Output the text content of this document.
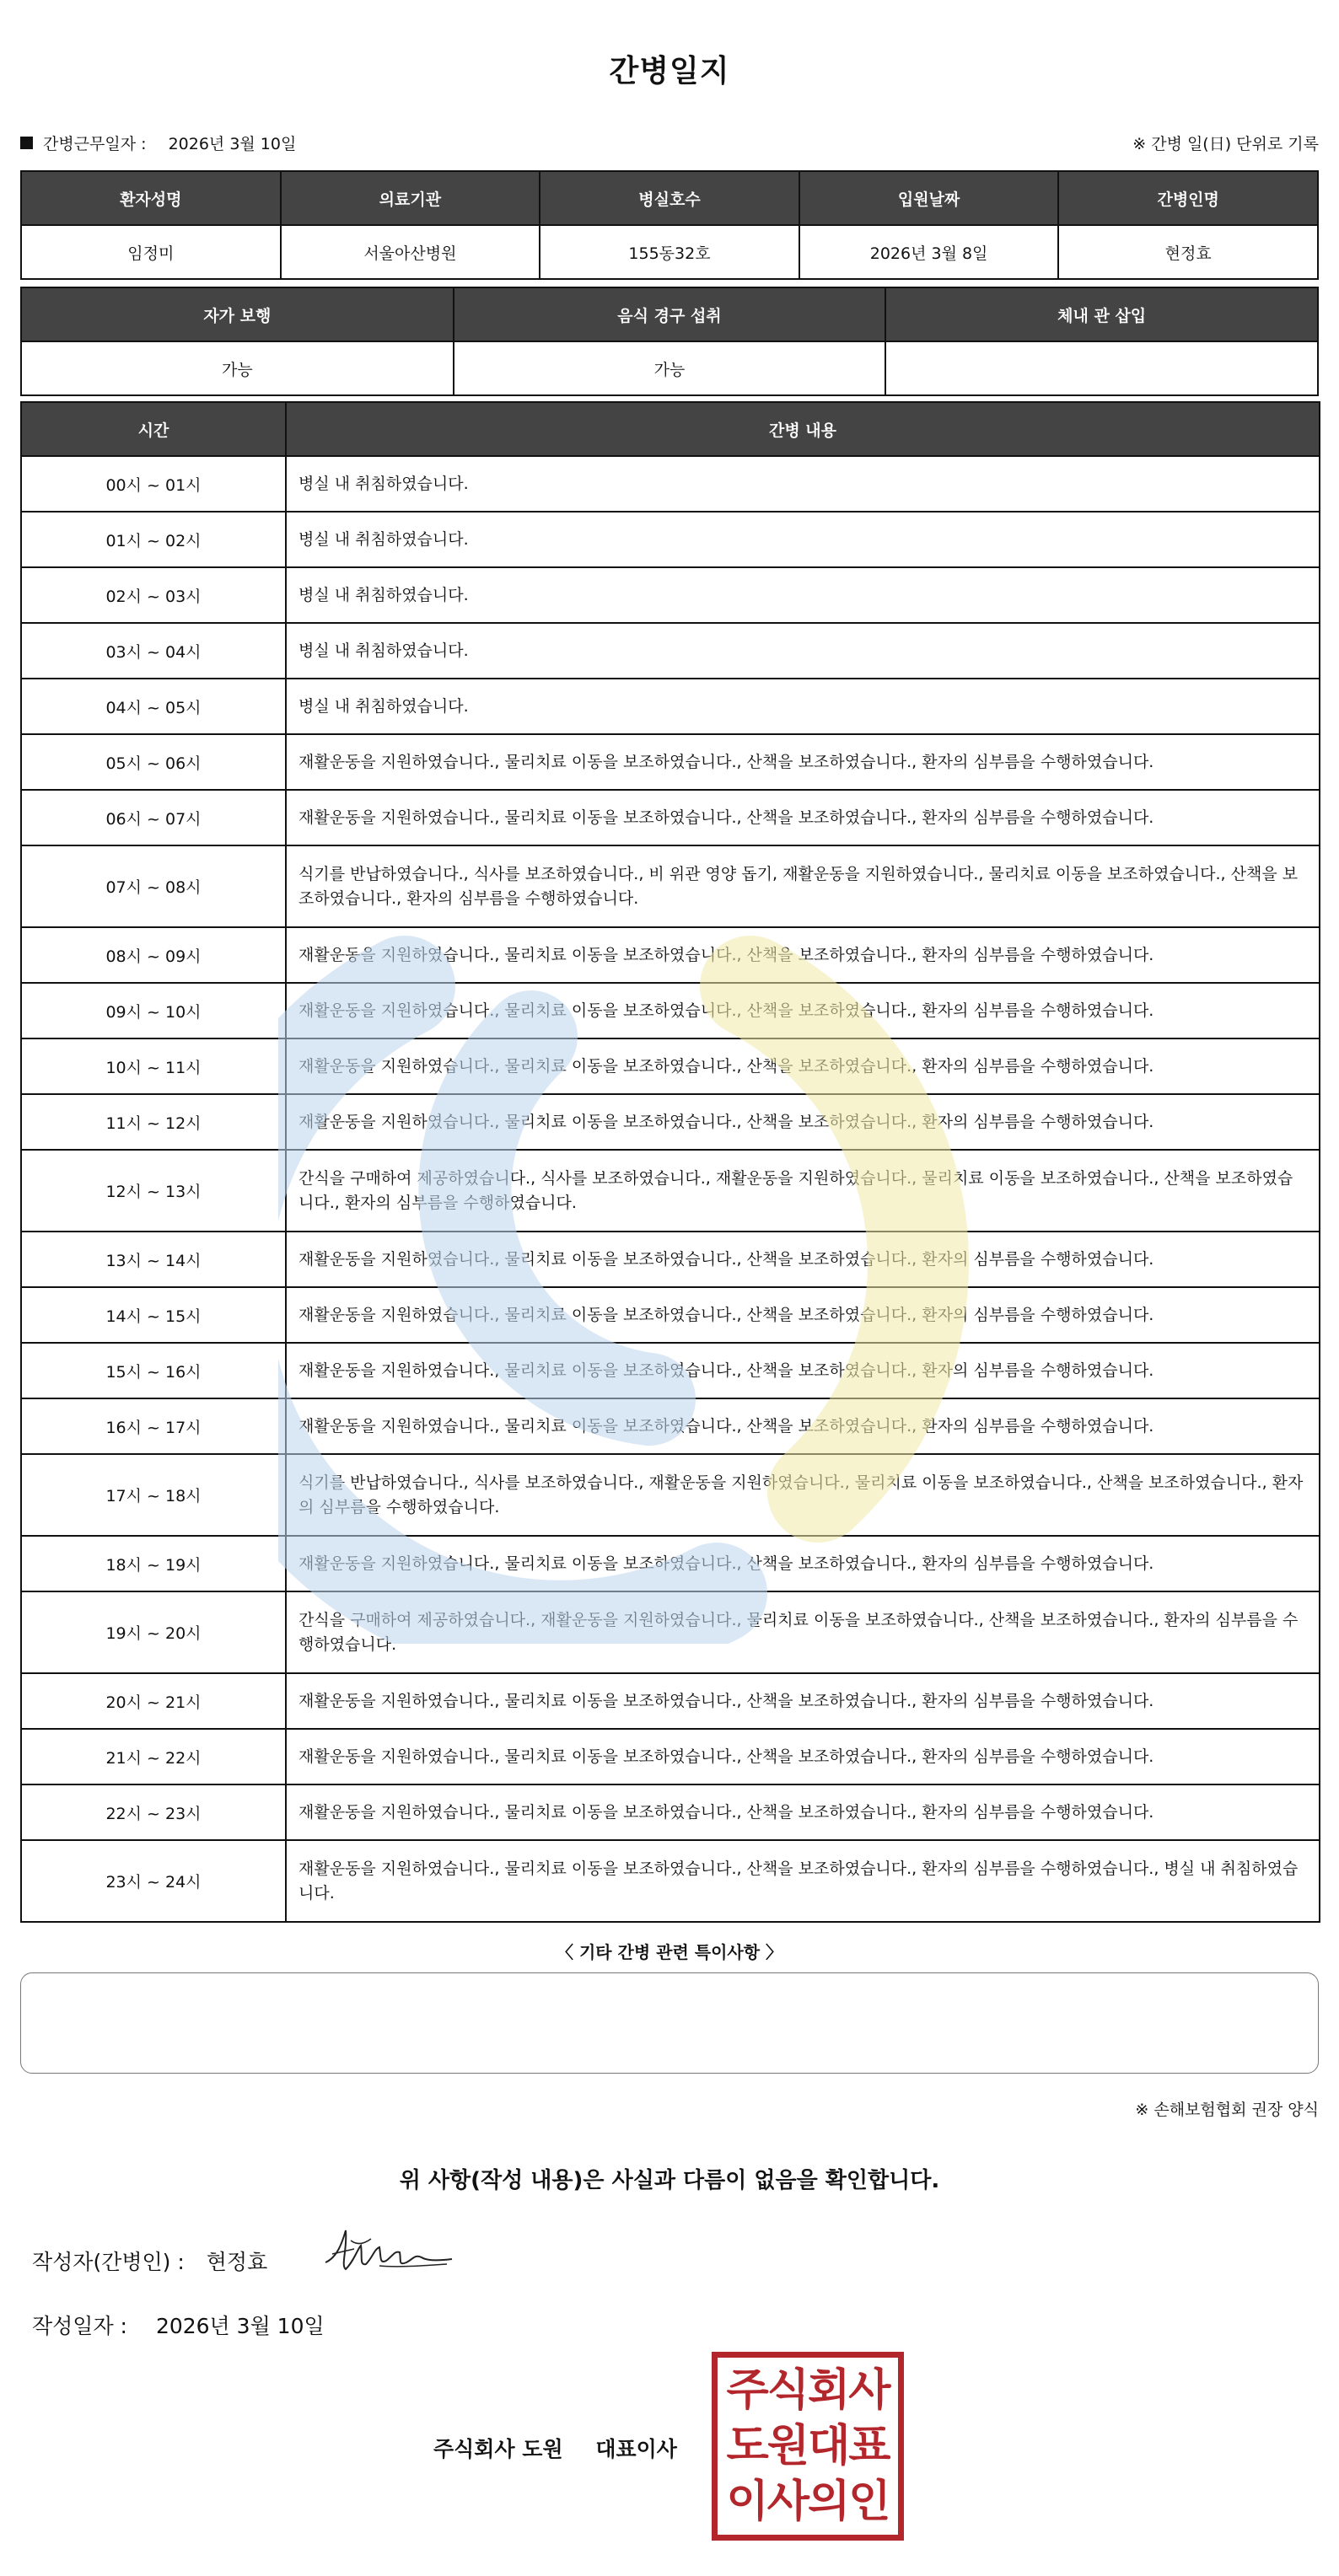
간병일지
간병근무일자 : 2026년 3월 10일	※ 간병 일(日) 단위로 기록
환자성명	의료기관	병실호수	입원날짜	간병인명
임정미	서울아산병원	155동32호	2026년 3월 8일	현정효
자가 보행	음식 경구 섭취	체내 관 삽입
가능	가능	
시간	간병 내용
00시 ~ 01시	병실 내 취침하였습니다.
01시 ~ 02시	병실 내 취침하였습니다.
02시 ~ 03시	병실 내 취침하였습니다.
03시 ~ 04시	병실 내 취침하였습니다.
04시 ~ 05시	병실 내 취침하였습니다.
05시 ~ 06시	재활운동을 지원하였습니다., 물리치료 이동을 보조하였습니다., 산책을 보조하였습니다., 환자의 심부름을 수행하였습니다.
06시 ~ 07시	재활운동을 지원하였습니다., 물리치료 이동을 보조하였습니다., 산책을 보조하였습니다., 환자의 심부름을 수행하였습니다.
07시 ~ 08시	식기를 반납하였습니다., 식사를 보조하였습니다., 비 위관 영양 돕기, 재활운동을 지원하였습니다., 물리치료 이동을 보조하였습니다., 산책을 보조하였습니다., 환자의 심부름을 수행하였습니다.
08시 ~ 09시	재활운동을 지원하였습니다., 물리치료 이동을 보조하였습니다., 산책을 보조하였습니다., 환자의 심부름을 수행하였습니다.
09시 ~ 10시	재활운동을 지원하였습니다., 물리치료 이동을 보조하였습니다., 산책을 보조하였습니다., 환자의 심부름을 수행하였습니다.
10시 ~ 11시	재활운동을 지원하였습니다., 물리치료 이동을 보조하였습니다., 산책을 보조하였습니다., 환자의 심부름을 수행하였습니다.
11시 ~ 12시	재활운동을 지원하였습니다., 물리치료 이동을 보조하였습니다., 산책을 보조하였습니다., 환자의 심부름을 수행하였습니다.
12시 ~ 13시	간식을 구매하여 제공하였습니다., 식사를 보조하였습니다., 재활운동을 지원하였습니다., 물리치료 이동을 보조하였습니다., 산책을 보조하였습니다., 환자의 심부름을 수행하였습니다.
13시 ~ 14시	재활운동을 지원하였습니다., 물리치료 이동을 보조하였습니다., 산책을 보조하였습니다., 환자의 심부름을 수행하였습니다.
14시 ~ 15시	재활운동을 지원하였습니다., 물리치료 이동을 보조하였습니다., 산책을 보조하였습니다., 환자의 심부름을 수행하였습니다.
15시 ~ 16시	재활운동을 지원하였습니다., 물리치료 이동을 보조하였습니다., 산책을 보조하였습니다., 환자의 심부름을 수행하였습니다.
16시 ~ 17시	재활운동을 지원하였습니다., 물리치료 이동을 보조하였습니다., 산책을 보조하였습니다., 환자의 심부름을 수행하였습니다.
17시 ~ 18시	식기를 반납하였습니다., 식사를 보조하였습니다., 재활운동을 지원하였습니다., 물리치료 이동을 보조하였습니다., 산책을 보조하였습니다., 환자의 심부름을 수행하였습니다.
18시 ~ 19시	재활운동을 지원하였습니다., 물리치료 이동을 보조하였습니다., 산책을 보조하였습니다., 환자의 심부름을 수행하였습니다.
19시 ~ 20시	간식을 구매하여 제공하였습니다., 재활운동을 지원하였습니다., 물리치료 이동을 보조하였습니다., 산책을 보조하였습니다., 환자의 심부름을 수행하였습니다.
20시 ~ 21시	재활운동을 지원하였습니다., 물리치료 이동을 보조하였습니다., 산책을 보조하였습니다., 환자의 심부름을 수행하였습니다.
21시 ~ 22시	재활운동을 지원하였습니다., 물리치료 이동을 보조하였습니다., 산책을 보조하였습니다., 환자의 심부름을 수행하였습니다.
22시 ~ 23시	재활운동을 지원하였습니다., 물리치료 이동을 보조하였습니다., 산책을 보조하였습니다., 환자의 심부름을 수행하였습니다.
23시 ~ 24시	재활운동을 지원하였습니다., 물리치료 이동을 보조하였습니다., 산책을 보조하였습니다., 환자의 심부름을 수행하였습니다., 병실 내 취침하였습니다.
〈 기타 간병 관련 특이사항 〉
※ 손해보험협회 권장 양식
위 사항(작성 내용)은 사실과 다름이 없음을 확인합니다.
작성자(간병인) : 현정효
작성일자 : 2026년 3월 10일
주식회사 도원 대표이사
주식회사
도원대표
이사의인
